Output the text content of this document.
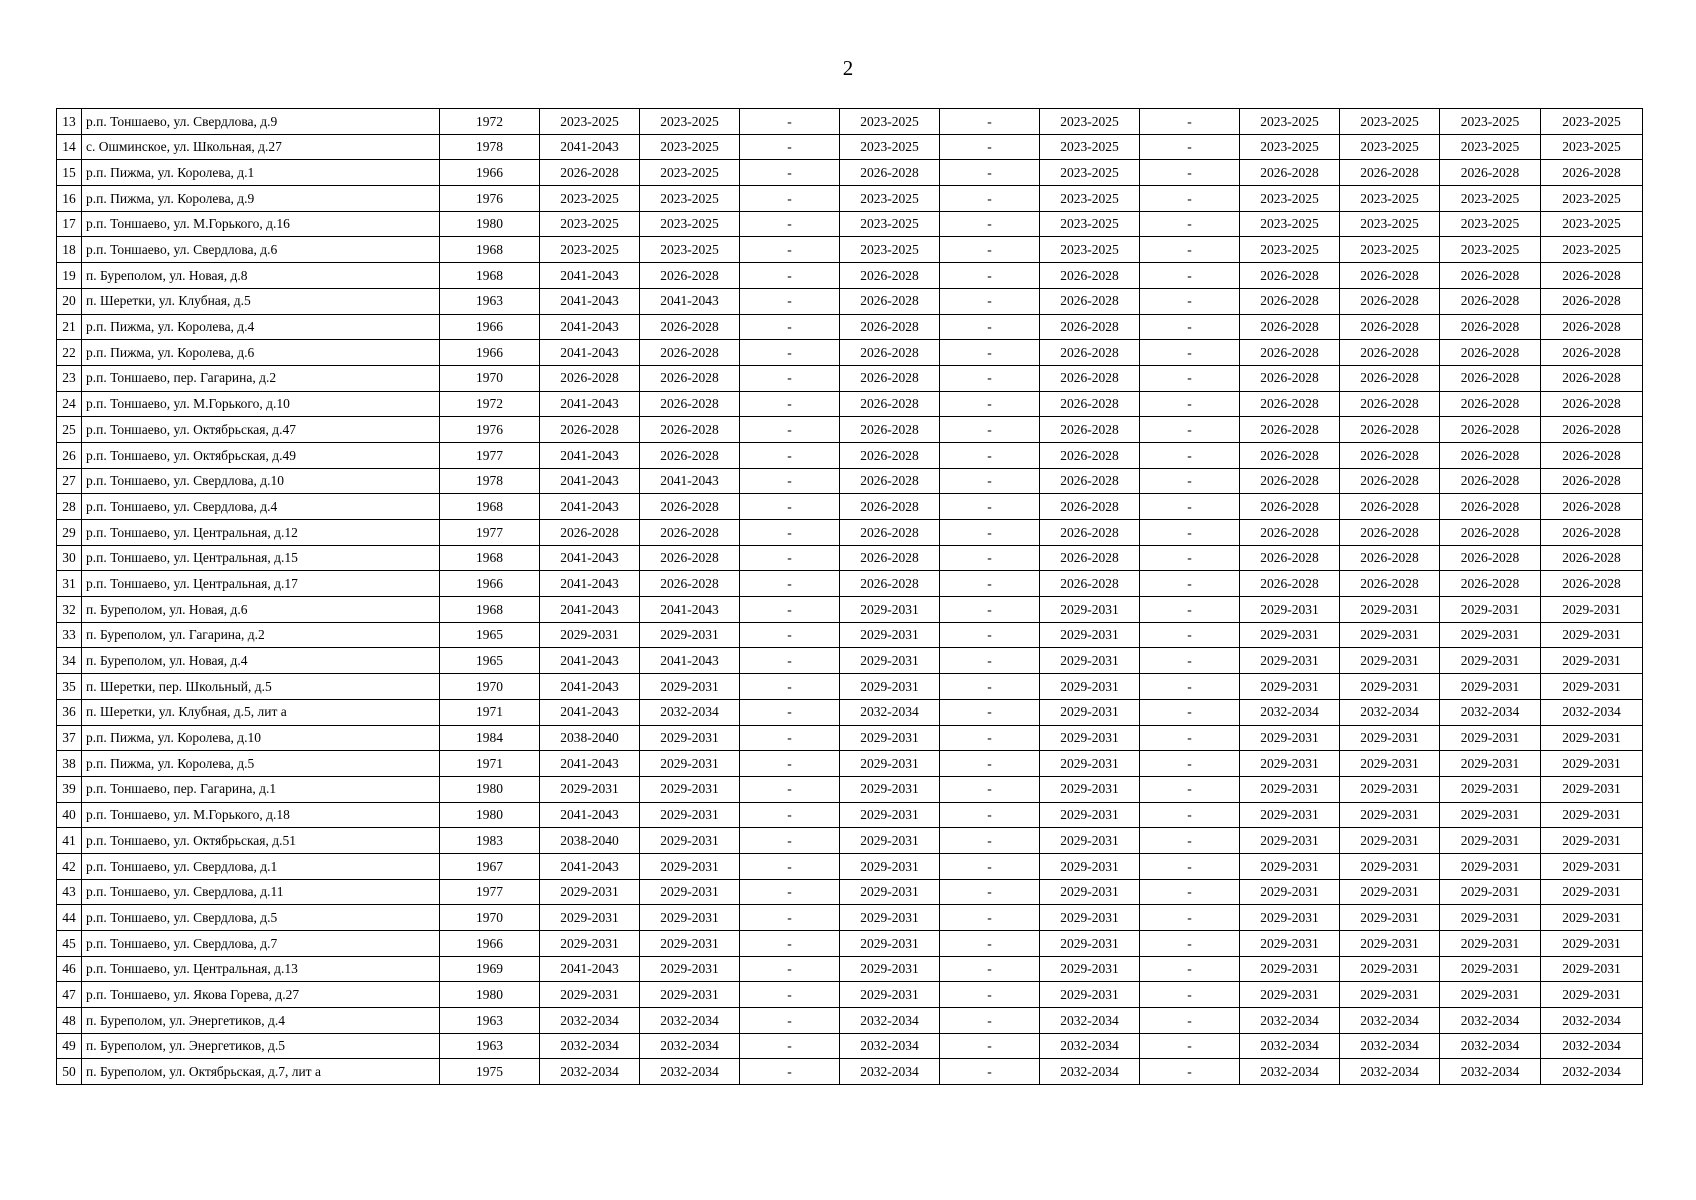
2
13	р.п. Тоншаево, ул. Свердлова, д.9	1972	2023-2025	2023-2025	-	2023-2025	-	2023-2025	-	2023-2025	2023-2025	2023-2025	2023-2025
14	с. Ошминское, ул. Школьная, д.27	1978	2041-2043	2023-2025	-	2023-2025	-	2023-2025	-	2023-2025	2023-2025	2023-2025	2023-2025
15	р.п. Пижма, ул. Королева, д.1	1966	2026-2028	2023-2025	-	2026-2028	-	2023-2025	-	2026-2028	2026-2028	2026-2028	2026-2028
16	р.п. Пижма, ул. Королева, д.9	1976	2023-2025	2023-2025	-	2023-2025	-	2023-2025	-	2023-2025	2023-2025	2023-2025	2023-2025
17	р.п. Тоншаево, ул. М.Горького, д.16	1980	2023-2025	2023-2025	-	2023-2025	-	2023-2025	-	2023-2025	2023-2025	2023-2025	2023-2025
18	р.п. Тоншаево, ул. Свердлова, д.6	1968	2023-2025	2023-2025	-	2023-2025	-	2023-2025	-	2023-2025	2023-2025	2023-2025	2023-2025
19	п. Буреполом, ул. Новая, д.8	1968	2041-2043	2026-2028	-	2026-2028	-	2026-2028	-	2026-2028	2026-2028	2026-2028	2026-2028
20	п. Шеретки, ул. Клубная, д.5	1963	2041-2043	2041-2043	-	2026-2028	-	2026-2028	-	2026-2028	2026-2028	2026-2028	2026-2028
21	р.п. Пижма, ул. Королева, д.4	1966	2041-2043	2026-2028	-	2026-2028	-	2026-2028	-	2026-2028	2026-2028	2026-2028	2026-2028
22	р.п. Пижма, ул. Королева, д.6	1966	2041-2043	2026-2028	-	2026-2028	-	2026-2028	-	2026-2028	2026-2028	2026-2028	2026-2028
23	р.п. Тоншаево, пер. Гагарина, д.2	1970	2026-2028	2026-2028	-	2026-2028	-	2026-2028	-	2026-2028	2026-2028	2026-2028	2026-2028
24	р.п. Тоншаево, ул. М.Горького, д.10	1972	2041-2043	2026-2028	-	2026-2028	-	2026-2028	-	2026-2028	2026-2028	2026-2028	2026-2028
25	р.п. Тоншаево, ул. Октябрьская, д.47	1976	2026-2028	2026-2028	-	2026-2028	-	2026-2028	-	2026-2028	2026-2028	2026-2028	2026-2028
26	р.п. Тоншаево, ул. Октябрьская, д.49	1977	2041-2043	2026-2028	-	2026-2028	-	2026-2028	-	2026-2028	2026-2028	2026-2028	2026-2028
27	р.п. Тоншаево, ул. Свердлова, д.10	1978	2041-2043	2041-2043	-	2026-2028	-	2026-2028	-	2026-2028	2026-2028	2026-2028	2026-2028
28	р.п. Тоншаево, ул. Свердлова, д.4	1968	2041-2043	2026-2028	-	2026-2028	-	2026-2028	-	2026-2028	2026-2028	2026-2028	2026-2028
29	р.п. Тоншаево, ул. Центральная, д.12	1977	2026-2028	2026-2028	-	2026-2028	-	2026-2028	-	2026-2028	2026-2028	2026-2028	2026-2028
30	р.п. Тоншаево, ул. Центральная, д.15	1968	2041-2043	2026-2028	-	2026-2028	-	2026-2028	-	2026-2028	2026-2028	2026-2028	2026-2028
31	р.п. Тоншаево, ул. Центральная, д.17	1966	2041-2043	2026-2028	-	2026-2028	-	2026-2028	-	2026-2028	2026-2028	2026-2028	2026-2028
32	п. Буреполом, ул. Новая, д.6	1968	2041-2043	2041-2043	-	2029-2031	-	2029-2031	-	2029-2031	2029-2031	2029-2031	2029-2031
33	п. Буреполом, ул. Гагарина, д.2	1965	2029-2031	2029-2031	-	2029-2031	-	2029-2031	-	2029-2031	2029-2031	2029-2031	2029-2031
34	п. Буреполом, ул. Новая, д.4	1965	2041-2043	2041-2043	-	2029-2031	-	2029-2031	-	2029-2031	2029-2031	2029-2031	2029-2031
35	п. Шеретки, пер. Школьный, д.5	1970	2041-2043	2029-2031	-	2029-2031	-	2029-2031	-	2029-2031	2029-2031	2029-2031	2029-2031
36	п. Шеретки, ул. Клубная, д.5, лит а	1971	2041-2043	2032-2034	-	2032-2034	-	2029-2031	-	2032-2034	2032-2034	2032-2034	2032-2034
37	р.п. Пижма, ул. Королева, д.10	1984	2038-2040	2029-2031	-	2029-2031	-	2029-2031	-	2029-2031	2029-2031	2029-2031	2029-2031
38	р.п. Пижма, ул. Королева, д.5	1971	2041-2043	2029-2031	-	2029-2031	-	2029-2031	-	2029-2031	2029-2031	2029-2031	2029-2031
39	р.п. Тоншаево, пер. Гагарина, д.1	1980	2029-2031	2029-2031	-	2029-2031	-	2029-2031	-	2029-2031	2029-2031	2029-2031	2029-2031
40	р.п. Тоншаево, ул. М.Горького, д.18	1980	2041-2043	2029-2031	-	2029-2031	-	2029-2031	-	2029-2031	2029-2031	2029-2031	2029-2031
41	р.п. Тоншаево, ул. Октябрьская, д.51	1983	2038-2040	2029-2031	-	2029-2031	-	2029-2031	-	2029-2031	2029-2031	2029-2031	2029-2031
42	р.п. Тоншаево, ул. Свердлова, д.1	1967	2041-2043	2029-2031	-	2029-2031	-	2029-2031	-	2029-2031	2029-2031	2029-2031	2029-2031
43	р.п. Тоншаево, ул. Свердлова, д.11	1977	2029-2031	2029-2031	-	2029-2031	-	2029-2031	-	2029-2031	2029-2031	2029-2031	2029-2031
44	р.п. Тоншаево, ул. Свердлова, д.5	1970	2029-2031	2029-2031	-	2029-2031	-	2029-2031	-	2029-2031	2029-2031	2029-2031	2029-2031
45	р.п. Тоншаево, ул. Свердлова, д.7	1966	2029-2031	2029-2031	-	2029-2031	-	2029-2031	-	2029-2031	2029-2031	2029-2031	2029-2031
46	р.п. Тоншаево, ул. Центральная, д.13	1969	2041-2043	2029-2031	-	2029-2031	-	2029-2031	-	2029-2031	2029-2031	2029-2031	2029-2031
47	р.п. Тоншаево, ул. Якова Горева, д.27	1980	2029-2031	2029-2031	-	2029-2031	-	2029-2031	-	2029-2031	2029-2031	2029-2031	2029-2031
48	п. Буреполом, ул. Энергетиков, д.4	1963	2032-2034	2032-2034	-	2032-2034	-	2032-2034	-	2032-2034	2032-2034	2032-2034	2032-2034
49	п. Буреполом, ул. Энергетиков, д.5	1963	2032-2034	2032-2034	-	2032-2034	-	2032-2034	-	2032-2034	2032-2034	2032-2034	2032-2034
50	п. Буреполом, ул. Октябрьская, д.7, лит а	1975	2032-2034	2032-2034	-	2032-2034	-	2032-2034	-	2032-2034	2032-2034	2032-2034	2032-2034
